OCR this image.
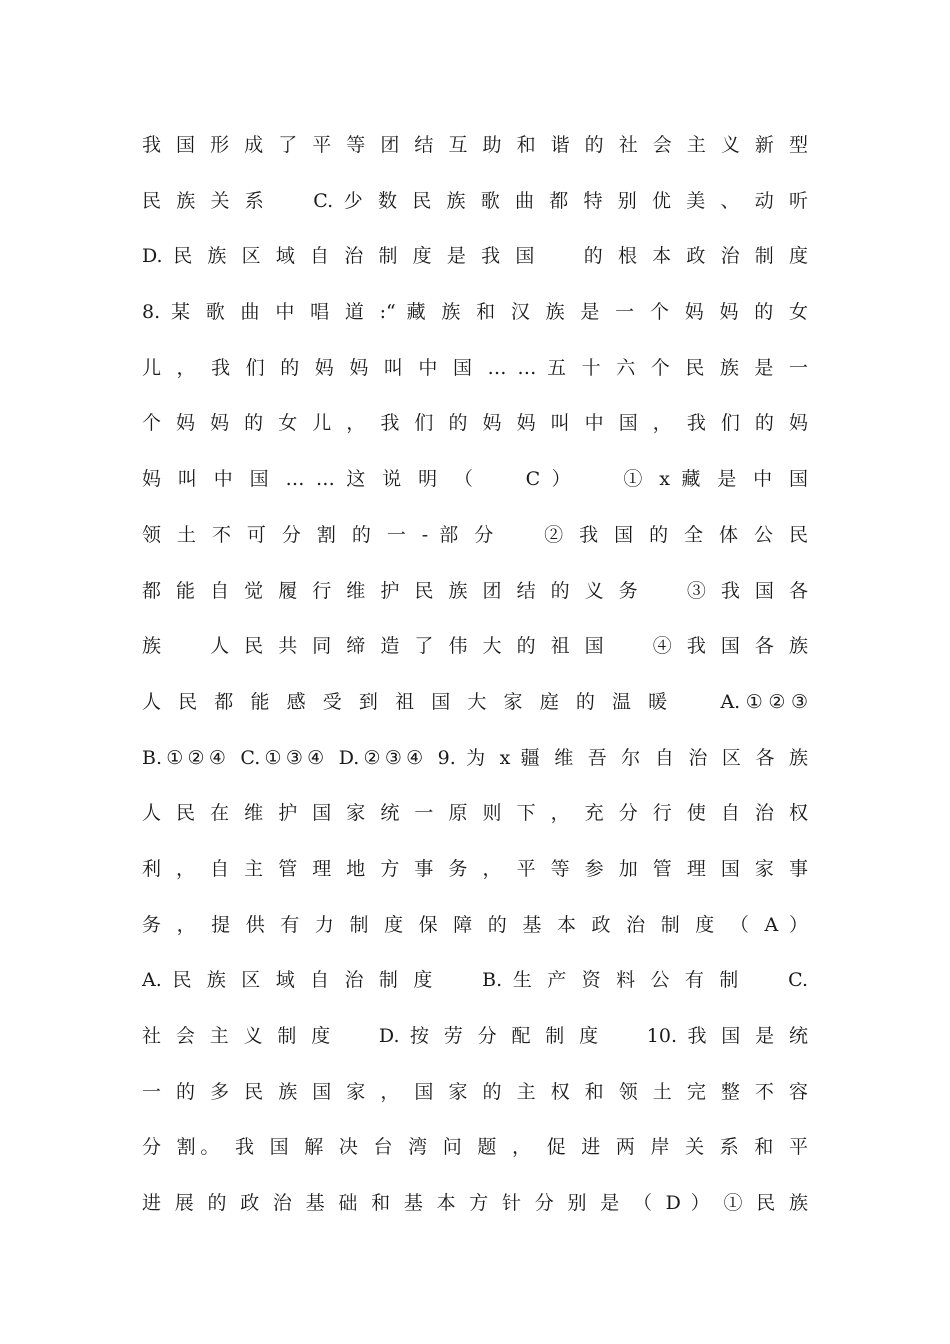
我 国 形 成 了 平 等 团 结 互 助 和 谐 的 社 会 主 义 新 型
民 族 关 系 　 C. 少 数 民 族 歌 曲 都 特 别 优 美 、 动 听
D. 民 族 区 域 自 治 制 度 是 我 国 　 的 根 本 政 治 制 度
8. 某 歌 曲 中 唱 道 :“ 藏 族 和 汉 族 是 一 个 妈 妈 的 女
儿 ， 我 们 的 妈 妈 叫 中 国 … … 五 十 六 个 民 族 是 一
个 妈 妈 的 女 儿 ， 我 们 的 妈 妈 叫 中 国 ， 我 们 的 妈
妈 叫 中 国 … … 这 说 明 （ 　 C ） 　 ① x 藏 是 中 国
领 土 不 可 分 割 的 一 - 部 分 　 ② 我 国 的 全 体 公 民
都 能 自 觉 履 行 维 护 民 族 团 结 的 义 务 　 ③ 我 国 各
族 　 人 民 共 同 缔 造 了 伟 大 的 祖 国 　 ④ 我 国 各 族
人 民 都 能 感 受 到 祖 国 大 家 庭 的 温 暖 　 A.①②③
B.①②④ C.①③④ D.②③④ 9. 为 x 疆 维 吾 尔 自 治 区 各 族
人 民 在 维 护 国 家 统 一 原 则 下 ， 充 分 行 使 自 治 权
利 ， 自 主 管 理 地 方 事 务 ， 平 等 参 加 管 理 国 家 事
务 ， 提 供 有 力 制 度 保 障 的 基 本 政 治 制 度 （ A ）
A. 民 族 区 域 自 治 制 度 　 B. 生 产 资 料 公 有 制 　 C.
社 会 主 义 制 度 　 D. 按 劳 分 配 制 度 　 10. 我 国 是 统
一 的 多 民 族 国 家 ， 国 家 的 主 权 和 领 土 完 整 不 容
分 割。 我 国 解 决 台 湾 问 题 ， 促 进 两 岸 关 系 和 平
进 展 的 政 治 基 础 和 基 本 方 针 分 别 是 （ D ） ① 民 族
